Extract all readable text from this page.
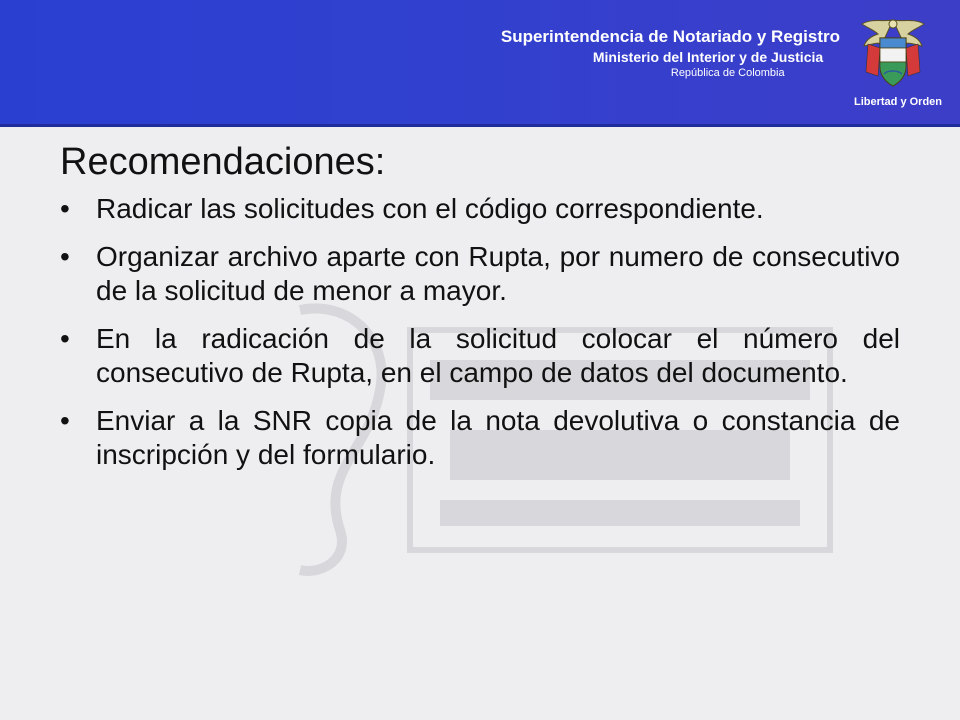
Superintendencia de Notariado y Registro
Ministerio del Interior y de Justicia
República de Colombia
Libertad y Orden
Recomendaciones:
• Radicar las solicitudes con el código correspondiente.
• Organizar archivo aparte con Rupta, por numero de consecutivo de la solicitud de menor a mayor.
• En la radicación de la solicitud colocar el número del consecutivo de Rupta, en el campo de datos del documento.
• Enviar a la SNR copia de la nota devolutiva o constancia de inscripción y del formulario.
